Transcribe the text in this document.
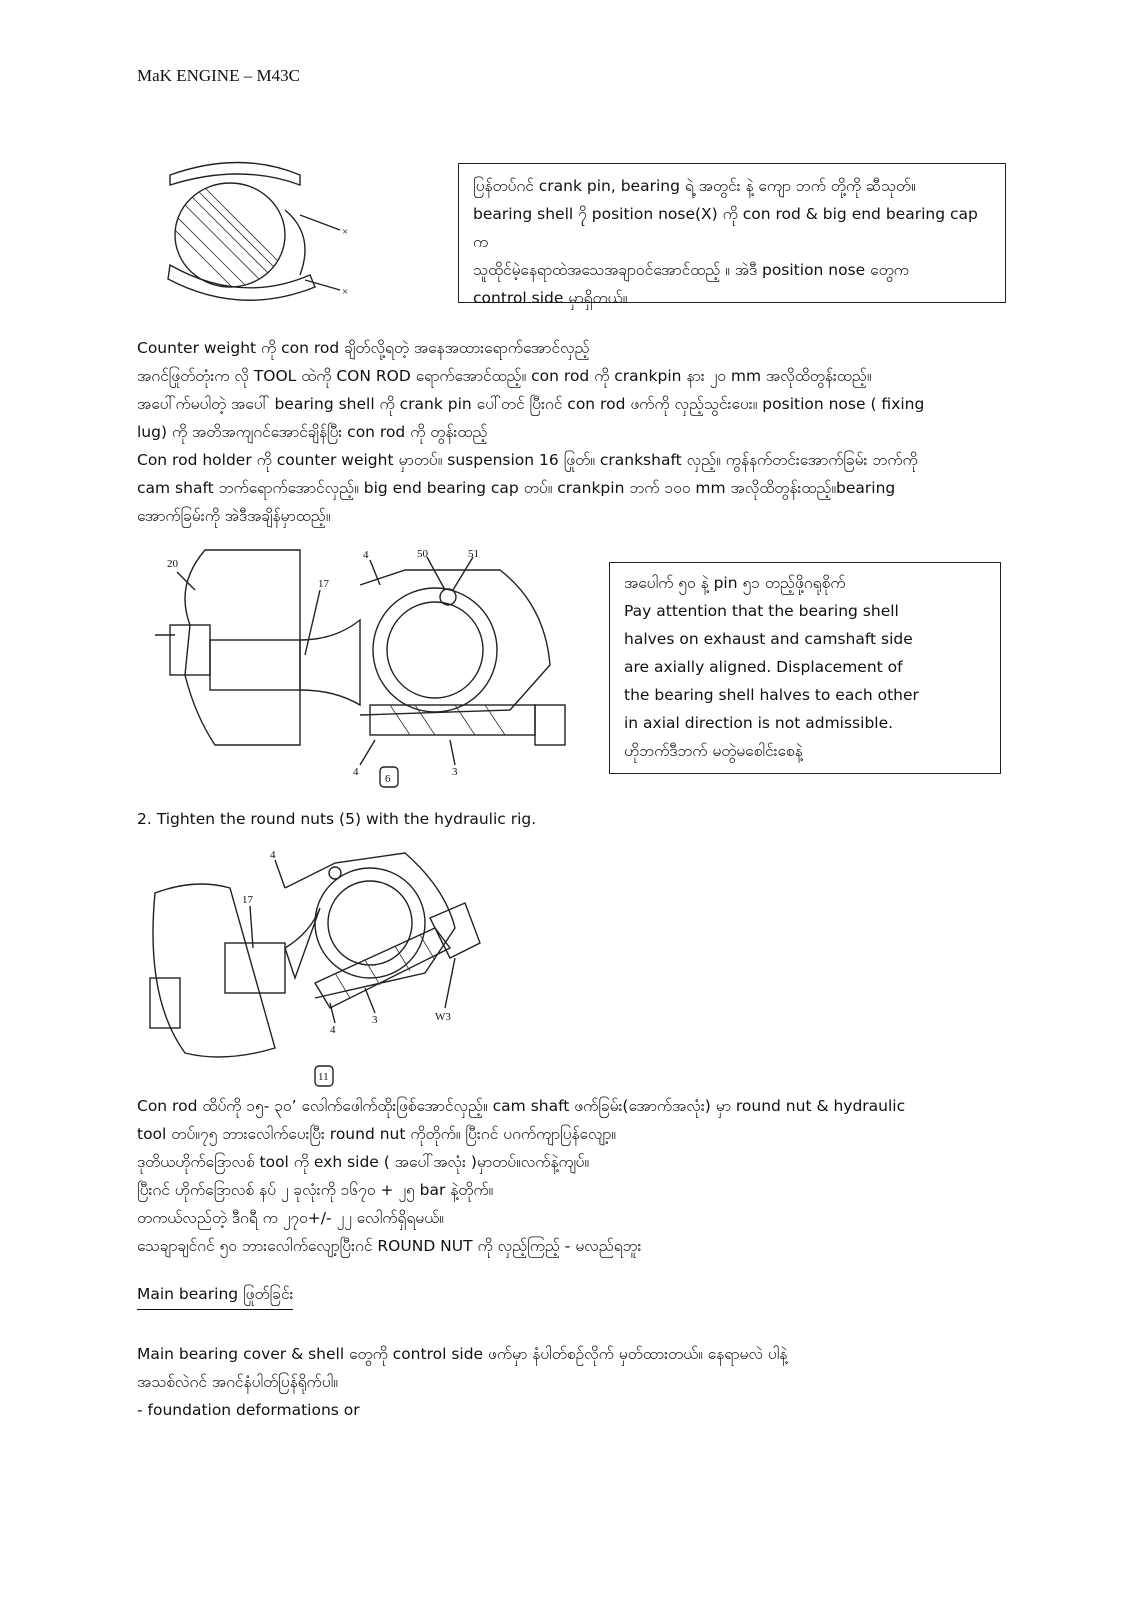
MaK ENGINE – M43C
×
×

ပြန်တပ်ဂင် crank pin, bearing ရဲ့ အတွင်း နဲ့ ကျော ဘက် တို့ကို ဆီသုတ်။

bearing shell ၇ို position nose(X) ကို con rod & big end bearing cap က

သူထိုင်မဲ့နေရာထဲအသေအချာဝင်အောင်ထည့် ။ အဲဒီ position nose တွေက

control side မှာရှိတယ်။

Counter weight ကို con rod ချိတ်လို့ရတဲ့ အနေအထားရောက်အောင်လှည့်

အဂင်ဖြုတ်တုံးက လို TOOL ထဲကို CON ROD ရောက်အောင်ထည့်။ con rod ကို crankpin နား ၂၀ mm အလိုထိတွန်းထည့်။

အပေါ်က်မပါတဲ့ အပေါ် bearing shell ကို crank pin ပေါ်တင် ပြီးဂင် con rod ဖက်ကို လှည့်သွင်းပေး။ position nose ( fixing

lug) ကို အတိအကျဂင်အောင်ချိန်ပြီး con rod ကို တွန်းထည့်

Con rod holder ကို counter weight မှာတပ်။ suspension 16 ဖြုတ်။ crankshaft လှည့်။ ကွန်နက်တင်းအောက်ခြမ်း ဘက်ကို

cam shaft ဘက်ရောက်အောင်လှည့်။ big end bearing cap တပ်။ crankpin ဘက် ၁၀၀ mm အလိုထိတွန်းထည့်။bearing

အောက်ခြမ်းကို အဲဒီအချိန်မှာထည့်။

20
17
4	50	51
4	3
6

အပေါက် ၅၀ နဲ့ pin ၅၁ တည့်ဖို့ဂရုစိုက်

Pay attention that the bearing shell

halves on exhaust and camshaft side

are axially aligned. Displacement of

the bearing shell halves to each other

in axial direction is not admissible.

ဟိုဘက်ဒီဘက် မတွဲမစေါင်းစေနဲ့

2. Tighten the round nuts (5) with the hydraulic rig.
4
17
4
3	W3
11

Con rod ထိပ်ကို ၁၅- ၃၀’ လေါက်ဖေါက်ထိုးဖြစ်အောင်လှည့်။ cam shaft ဖက်ခြမ်း(အောက်အလုံး) မှာ round nut & hydraulic

tool တပ်။၇၅ ဘားလေါက်ပေးပြီး round nut ကိုတိုက်။ ပြီးဂင် ပဂက်ကျာပြန်လျော့။

ဒုတိယဟိုက်ဒြောလစ် tool ကို exh side ( အပေါ်အလုံး )မှာတပ်။လက်နဲ့ကျပ်။

ပြီးဂင် ဟိုက်ဒြောလစ် နပ် ၂ ခုလုံးကို ၁၆၇၀ + ၂၅ bar နဲ့တိုက်။

တကယ်လည်တဲ့ ဒီဂရီ က ၂၇၀+/- ၂၂ လေါက်ရှိရမယ်။

သေချာချင်ဂင် ၅၀ ဘားလေါက်လျော့ပြီးဂင် ROUND NUT ကို လှည့်ကြည့် - မလည်ရဘူး

Main bearing ဖြုတ်ခြင်း

Main bearing cover & shell တွေကို control side ဖက်မှာ နံပါတ်စဉ်လိုက် မှတ်ထားတယ်။ နေရာမလဲ ပါနဲ့

အသစ်လဲဂင် အဂင်နံပါတ်ပြန်ရိုက်ပါ။

- foundation deformations or
